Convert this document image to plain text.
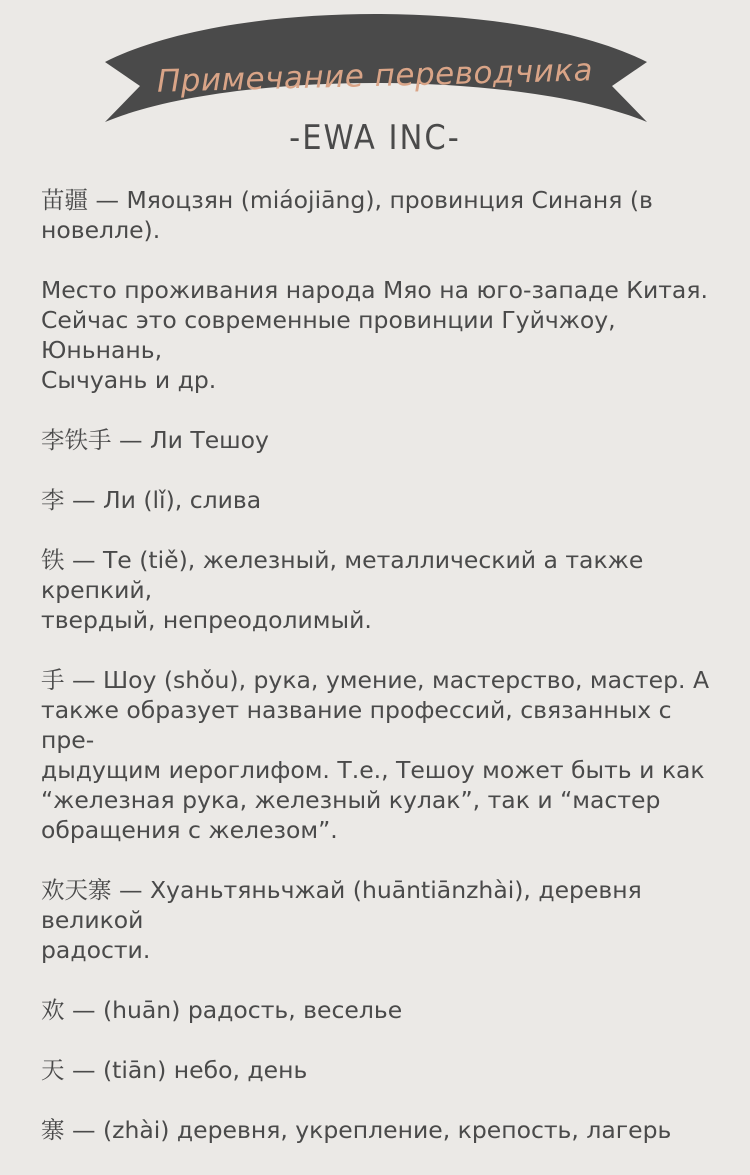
Примечание переводчика
-EWA INC-

苗疆 — Мяоцзян (miáojiāng), провинция Синаня (в
новелле).

Место проживания народа Мяо на юго-западе Китая.
Сейчас это современные провинции Гуйчжоу, Юньнань,
Сычуань и др.

李铁手 — Ли Тешоу

李 — Ли (lǐ), слива

铁 — Те (tiě), железный, металлический а также крепкий,
твердый, непреодолимый.

手 — Шоу (shǒu), рука, умение, мастерство, мастер. А
также образует название профессий, связанных с пре-
дыдущим иероглифом. Т.е., Тешоу может быть и как
“железная рука, железный кулак”, так и “мастер
обращения с железом”.

欢天寨 — Хуаньтяньчжай (huāntiānzhài), деревня великой
радости.

欢 — (huān) радость, веселье

天 — (tiān) небо, день

寨 — (zhài) деревня, укрепление, крепость, лагерь
